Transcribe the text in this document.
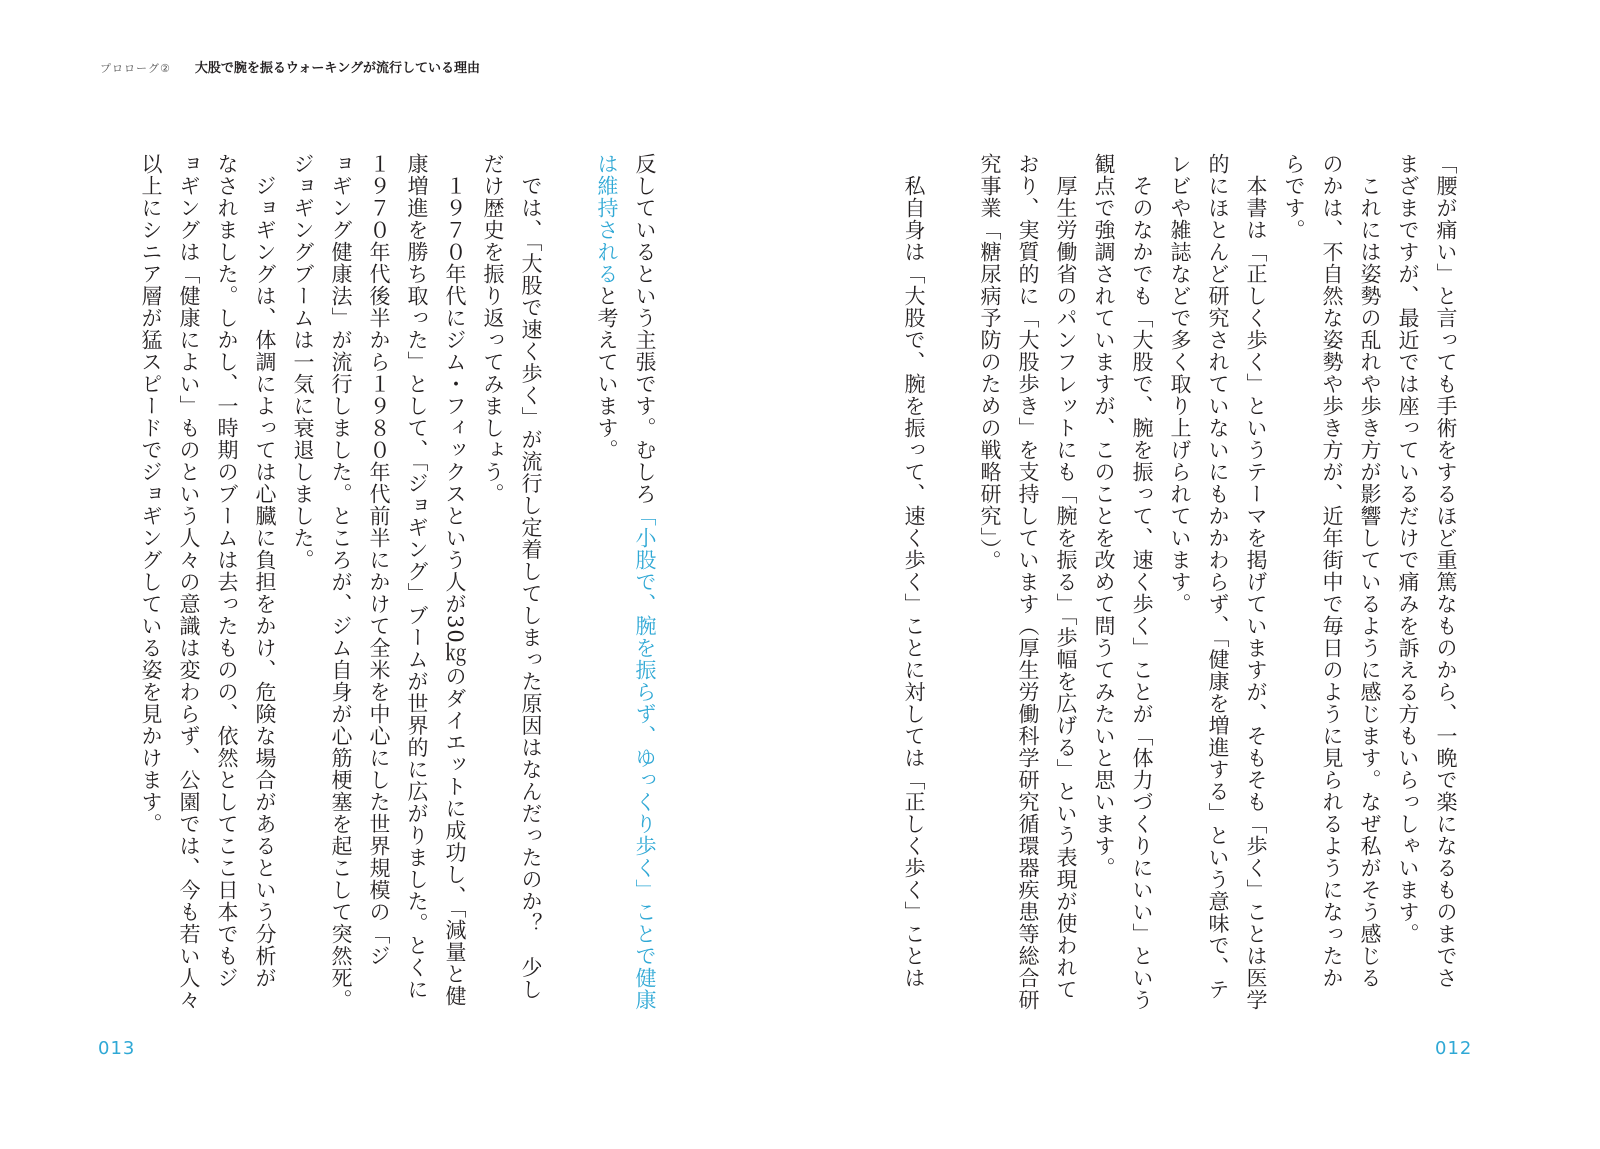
プロローグ② 大股で腕を振るウォーキングが流行している理由

「腰が痛い」と言っても手術をするほど重篤なものから、一晩で楽になるものまでさ

まざまですが、最近では座っているだけで痛みを訴える方もいらっしゃいます。

　これには姿勢の乱れや歩き方が影響しているように感じます。なぜ私がそう感じる

のかは、不自然な姿勢や歩き方が、近年街中で毎日のように見られるようになったか

らです。

　本書は「正しく歩く」というテーマを掲げていますが、そもそも「歩く」ことは医学

的にほとんど研究されていないにもかかわらず、「健康を増進する」という意味で、テ

レビや雑誌などで多く取り上げられています。

　そのなかでも「大股で、腕を振って、速く歩く」ことが「体力づくりにいい」という

観点で強調されていますが、このことを改めて問うてみたいと思います。

　厚生労働省のパンフレットにも「腕を振る」「歩幅を広げる」という表現が使われて

おり、実質的に「大股歩き」を支持しています（厚生労働科学研究循環器疾患等総合研

究事業「糖尿病予防のための戦略研究」）。

　私自身は「大股で、腕を振って、速く歩く」ことに対しては「正しく歩く」ことは

反しているという主張です。むしろ「小股で、腕を振らず、ゆっくり歩く」ことで健康

は維持されると考えています。

　では、「大股で速く歩く」が流行し定着してしまった原因はなんだったのか？　少し

だけ歴史を振り返ってみましょう。

　１９７０年代にジム・フィックスという人が30㎏のダイエットに成功し、「減量と健

康増進を勝ち取った」として、「ジョギング」ブームが世界的に広がりました。とくに

１９７０年代後半から１９８０年代前半にかけて全米を中心にした世界規模の「ジ

ョギング健康法」が流行しました。ところが、ジム自身が心筋梗塞を起こして突然死。

ジョギングブームは一気に衰退しました。

　ジョギングは、体調によっては心臓に負担をかけ、危険な場合があるという分析が

なされました。しかし、一時期のブームは去ったものの、依然としてここ日本でもジ

ョギングは「健康によい」ものという人々の意識は変わらず、公園では、今も若い人々

以上にシニア層が猛スピードでジョギングしている姿を見かけます。

013	012
